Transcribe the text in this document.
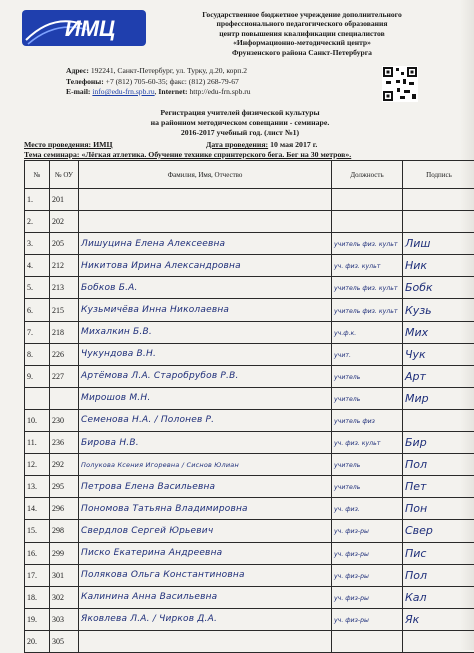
ИМЦ
Государственное бюджетное учреждение дополнительного
профессионального педагогического образования
центр повышения квалификации специалистов
«Информационно-методический центр»
Фрунзенского района Санкт-Петербурга
Адрес: 192241, Санкт-Петербург, ул. Турку, д.20, корп.2
Телефоны: +7 (812) 705-60-35; факс: (812) 268-79-67
E-mail: info@edu-frn.spb.ru, Internet: http://edu-frn.spb.ru
Регистрация учителей физической культуры
на районном методическом совещании - семинаре.
2016-2017 учебный год. (лист №1)
Место проведения: ИМЦ	Дата проведения: 10 мая 2017 г.
Тема семинара: «Лёгкая атлетика. Обучение технике спринтерского бега. Бег на 30 метров».
№	№ ОУ	Фамилия, Имя, Отчество	Должность	Подпись
1.	201			
2.	202			
3.	205	Лишуцина Елена Алексеевна	учитель физ. культ	Лиш
4.	212	Никитова Ирина Александровна	уч. физ. культ	Ник
5.	213	Бобков Б.А.	учитель физ. культ	Бобк
6.	215	Кузьмичёва Инна Николаевна	учитель физ. культ	Кузь
7.	218	Михалкин Б.В.	уч.ф.к.	Мих
8.	226	Чукундова В.Н.	учит.	Чук
9.	227	Артёмова Л.А. Старобрубов Р.В.	учитель	Арт
		Мирошов М.Н.	учитель	Мир
10.	230	Семенова Н.А. / Полонев Р.	учитель физ	
11.	236	Бирова Н.В.	уч. физ. культ	Бир
12.	292	Полукова Ксения Игоревна / Сиснов Юлиан	учитель	Пол
13.	295	Петрова Елена Васильевна	учитель	Пет
14.	296	Пономова Татьяна Владимировна	уч. физ.	Пон
15.	298	Свердлов Сергей Юрьевич	уч. физ-ры	Свер
16.	299	Писко Екатерина Андреевна	уч. физ-ры	Пис
17.	301	Полякова Ольга Константиновна	уч. физ-ры	Пол
18.	302	Калинина Анна Васильевна	уч. физ-ры	Кал
19.	303	Яковлева Л.А. / Чирков Д.А.	уч. физ-ры	Як
20.	305			
